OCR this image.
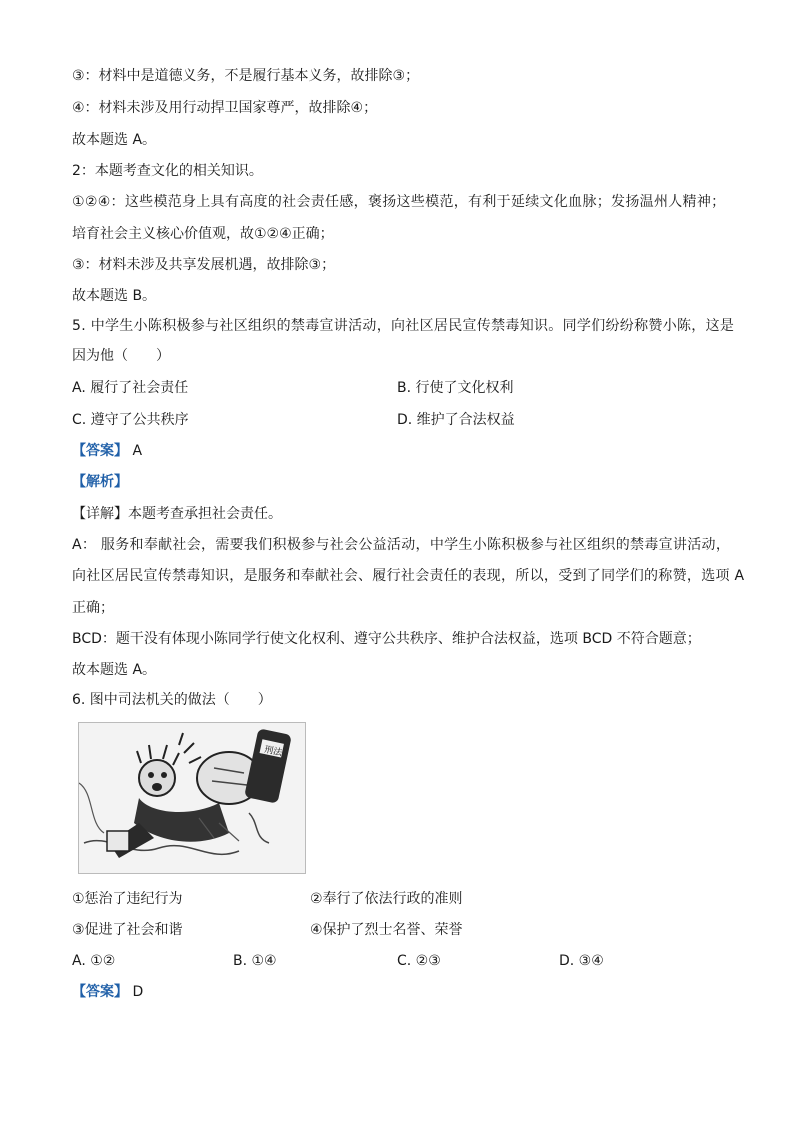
③：材料中是道德义务，不是履行基本义务，故排除③；
④：材料未涉及用行动捍卫国家尊严，故排除④；
故本题选 A。
2：本题考查文化的相关知识。
①②④：这些模范身上具有高度的社会责任感，褒扬这些模范，有利于延续文化血脉；发扬温州人精神；
培育社会主义核心价值观，故①②④正确；
③：材料未涉及共享发展机遇，故排除③；
故本题选 B。
5. 中学生小陈积极参与社区组织的禁毒宣讲活动，向社区居民宣传禁毒知识。同学们纷纷称赞小陈，这是
因为他（　　）
A. 履行了社会责任	B. 行使了文化权利
C. 遵守了公共秩序	D. 维护了合法权益
【答案】 A
【解析】
【详解】本题考查承担社会责任。
A： 服务和奉献社会，需要我们积极参与社会公益活动，中学生小陈积极参与社区组织的禁毒宣讲活动，
向社区居民宣传禁毒知识，是服务和奉献社会、履行社会责任的表现，所以，受到了同学们的称赞，选项 A
正确；
BCD：题干没有体现小陈同学行使文化权利、遵守公共秩序、维护合法权益，选项 BCD 不符合题意；
故本题选 A。
6. 图中司法机关的做法（　　）
刑法
①惩治了违纪行为	②奉行了依法行政的准则
③促进了社会和谐	④保护了烈士名誉、荣誉
A. ①②	B. ①④	C. ②③	D. ③④
【答案】 D
